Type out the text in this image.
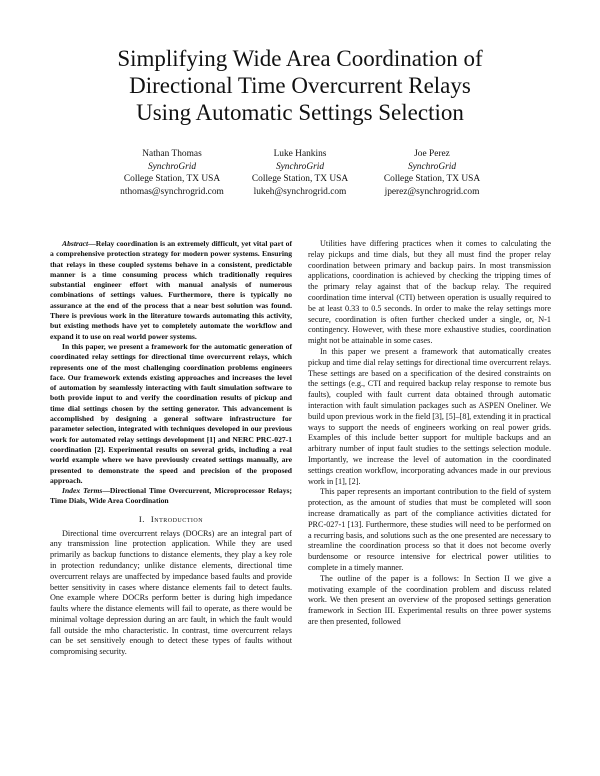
Simplifying Wide Area Coordination of
Directional Time Overcurrent Relays
Using Automatic Settings Selection
Nathan Thomas
SynchroGrid
College Station, TX USA
nthomas@synchrogrid.com
Luke Hankins
SynchroGrid
College Station, TX USA
lukeh@synchrogrid.com
Joe Perez
SynchroGrid
College Station, TX USA
jperez@synchrogrid.com

Abstract—Relay coordination is an extremely difficult, yet vital part of a comprehensive protection strategy for modern power systems. Ensuring that relays in these coupled systems behave in a consistent, predictable manner is a time consuming process which traditionally requires substantial engineer effort with manual analysis of numerous combinations of settings values. Furthermore, there is typically no assurance at the end of the process that a near best solution was found. There is previous work in the literature towards automating this activity, but existing methods have yet to completely automate the workflow and expand it to use on real world power systems.

In this paper, we present a framework for the automatic generation of coordinated relay settings for directional time overcurrent relays, which represents one of the most challenging coordination problems engineers face. Our framework extends existing approaches and increases the level of automation by seamlessly interacting with fault simulation software to both provide input to and verify the coordination results of pickup and time dial settings chosen by the setting generator. This advancement is accomplished by designing a general software infrastructure for parameter selection, integrated with techniques developed in our previous work for automated relay settings development [1] and NERC PRC-027-1 coordination [2]. Experimental results on several grids, including a real world example where we have previously created settings manually, are presented to demonstrate the speed and precision of the proposed approach.

Index Terms—Directional Time Overcurrent, Microprocessor Relays; Time Dials, Wide Area Coordination

I. Introduction

Directional time overcurrent relays (DOCRs) are an integral part of any transmission line protection application. While they are used primarily as backup functions to distance elements, they play a key role in protection redundancy; unlike distance elements, directional time overcurrent relays are unaffected by impedance based faults and provide better sensitivity in cases where distance elements fail to detect faults. One example where DOCRs perform better is during high impedance faults where the distance elements will fail to operate, as there would be minimal voltage depression during an arc fault, in which the fault would fall outside the mho characteristic. In contrast, time overcurrent relays can be set sensitively enough to detect these types of faults without compromising security.

Utilities have differing practices when it comes to calculating the relay pickups and time dials, but they all must find the proper relay coordination between primary and backup pairs. In most transmission applications, coordination is achieved by checking the tripping times of the primary relay against that of the backup relay. The required coordination time interval (CTI) between operation is usually required to be at least 0.33 to 0.5 seconds. In order to make the relay settings more secure, coordination is often further checked under a single, or, N-1 contingency. However, with these more exhaustive studies, coordination might not be attainable in some cases.

In this paper we present a framework that automatically creates pickup and time dial relay settings for directional time overcurrent relays. These settings are based on a specification of the desired constraints on the settings (e.g., CTI and required backup relay response to remote bus faults), coupled with fault current data obtained through automatic interaction with fault simulation packages such as ASPEN Oneliner. We build upon previous work in the field [3], [5]–[8], extending it in practical ways to support the needs of engineers working on real power grids. Examples of this include better support for multiple backups and an arbitrary number of input fault studies to the settings selection module. Importantly, we increase the level of automation in the coordinated settings creation workflow, incorporating advances made in our previous work in [1], [2].

This paper represents an important contribution to the field of system protection, as the amount of studies that must be completed will soon increase dramatically as part of the compliance activities dictated for PRC-027-1 [13]. Furthermore, these studies will need to be performed on a recurring basis, and solutions such as the one presented are necessary to streamline the coordination process so that it does not become overly burdensome or resource intensive for electrical power utilities to complete in a timely manner.

The outline of the paper is a follows: In Section II we give a motivating example of the coordination problem and discuss related work. We then present an overview of the proposed settings generation framework in Section III. Experimental results on three power systems are then presented, followed
